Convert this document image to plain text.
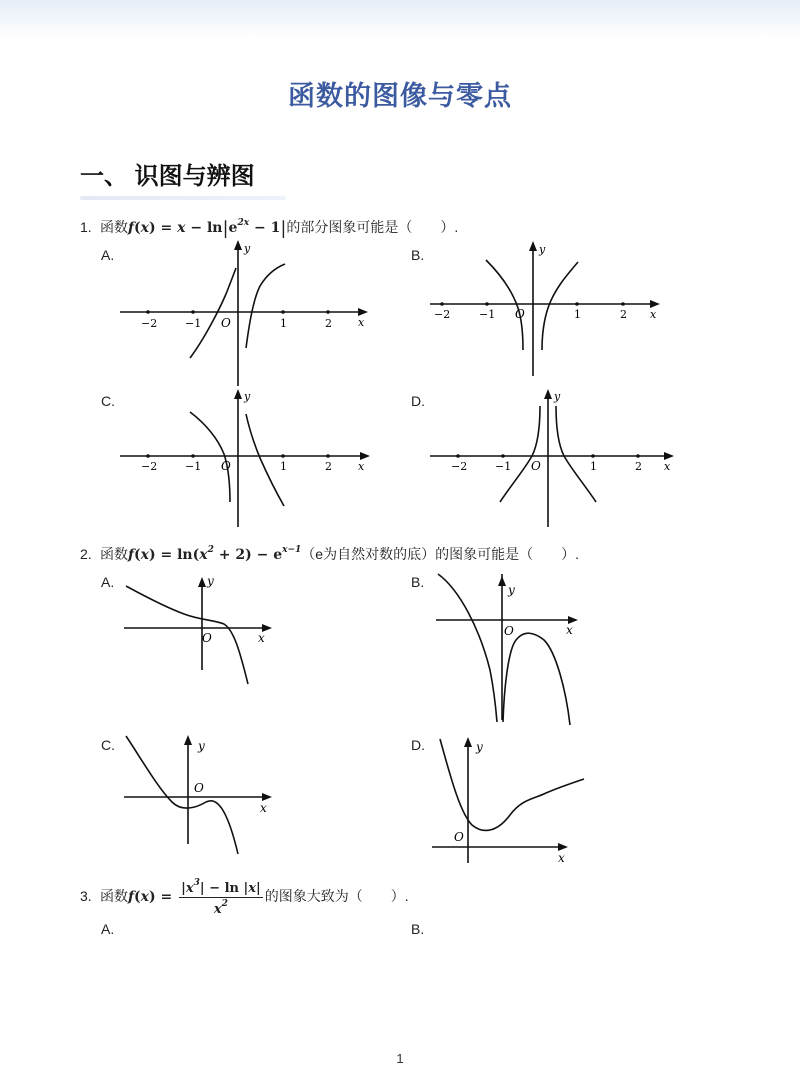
函数的图像与零点
一、 识图与辨图
1. 函数$f(x) = x - \ln|e^{2x} - 1|$的部分图象可能是（　　）.
A.	B.
C.	D.
−2	−1 O	1	2 x
y
−2	−1 O	1	2 x
y
−2	−1 O	1	2 x
y
−2	−1 O	1	2 x
y
2. 函数$f(x) = \ln(x^2 + 2) - e^{x-1}(e$为自然对数的底）的图象可能是（　　）.
A.	B.
C.	D.
O	x
y
O	x
y
O
x
y
O
x
y
3. 函数$f(x) = \frac{|x^3| - \ln |x|}{x^2}$ 的图象大致为（　　）.
A.	B.
1
